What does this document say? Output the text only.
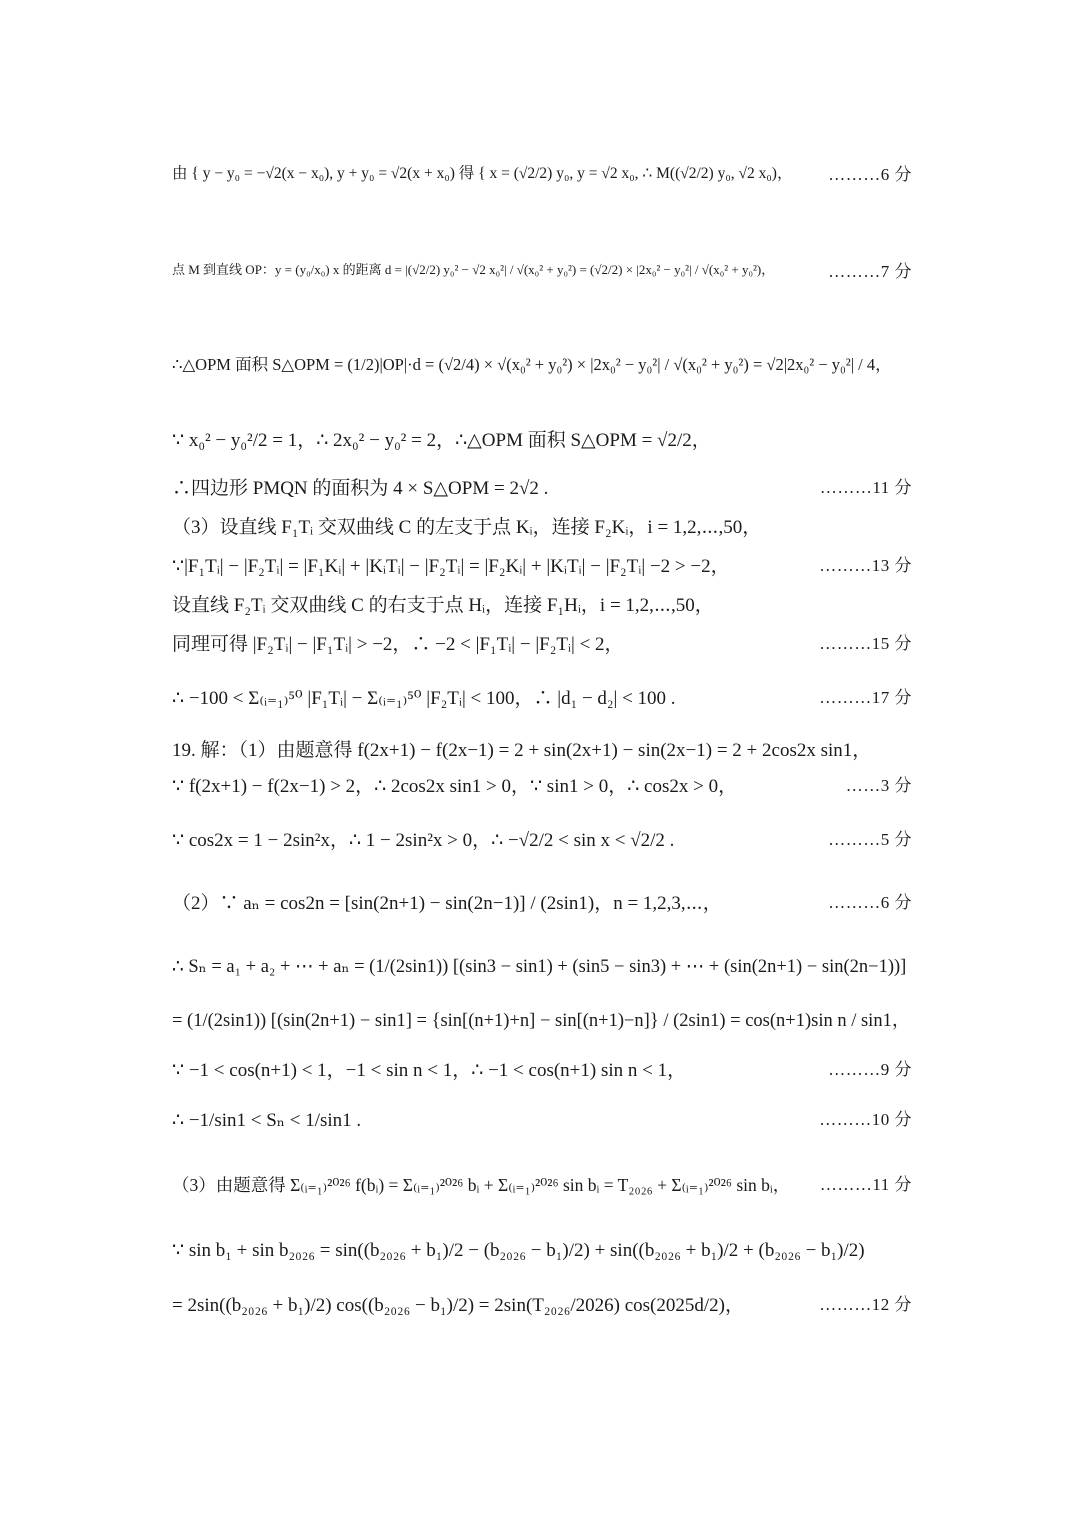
由 { y − y₀ = −√2(x − x₀), y + y₀ = √2(x + x₀) 得 { x = (√2/2) y₀, y = √2 x₀, ∴ M((√2/2) y₀, √2 x₀)， ………6 分
点 M 到直线 OP：y = (y₀/x₀) x 的距离 d = |(√2/2) y₀² − √2 x₀²| / √(x₀² + y₀²) = (√2/2) × |2x₀² − y₀²| / √(x₀² + y₀²)，	………7 分
∴△OPM 面积 S△OPM = (1/2)|OP|·d = (√2/4) × √(x₀² + y₀²) × |2x₀² − y₀²| / √(x₀² + y₀²) = √2|2x₀² − y₀²| / 4，
∵ x₀² − y₀²/2 = 1，∴ 2x₀² − y₀² = 2，∴△OPM 面积 S△OPM = √2/2，
∴四边形 PMQN 的面积为 4 × S△OPM = 2√2 .	………11 分
（3）设直线 F₁Tᵢ 交双曲线 C 的左支于点 Kᵢ，连接 F₂Kᵢ，i = 1,2,⋯,50，
∵|F₁Tᵢ| − |F₂Tᵢ| = |F₁Kᵢ| + |KᵢTᵢ| − |F₂Tᵢ| = |F₂Kᵢ| + |KᵢTᵢ| − |F₂Tᵢ| −2 > −2，	………13 分
设直线 F₂Tᵢ 交双曲线 C 的右支于点 Hᵢ，连接 F₁Hᵢ，i = 1,2,⋯,50，
同理可得 |F₂Tᵢ| − |F₁Tᵢ| > −2，∴ −2 < |F₁Tᵢ| − |F₂Tᵢ| < 2，	………15 分
∴ −100 < Σ₍ᵢ₌₁₎⁵⁰ |F₁Tᵢ| − Σ₍ᵢ₌₁₎⁵⁰ |F₂Tᵢ| < 100，∴ |d₁ − d₂| < 100 .	………17 分
19. 解：（1）由题意得 f(2x+1) − f(2x−1) = 2 + sin(2x+1) − sin(2x−1) = 2 + 2cos2x sin1，
∵ f(2x+1) − f(2x−1) > 2，∴ 2cos2x sin1 > 0，∵ sin1 > 0，∴ cos2x > 0，	……3 分
∵ cos2x = 1 − 2sin²x，∴ 1 − 2sin²x > 0，∴ −√2/2 < sin x < √2/2 .	………5 分
（2）∵ aₙ = cos2n = [sin(2n+1) − sin(2n−1)] / (2sin1)，n = 1,2,3,⋯，	………6 分
∴ Sₙ = a₁ + a₂ + ⋯ + aₙ = (1/(2sin1)) [(sin3 − sin1) + (sin5 − sin3) + ⋯ + (sin(2n+1) − sin(2n−1))]
= (1/(2sin1)) [(sin(2n+1) − sin1] = {sin[(n+1)+n] − sin[(n+1)−n]} / (2sin1) = cos(n+1)sin n / sin1，
∵ −1 < cos(n+1) < 1，−1 < sin n < 1，∴ −1 < cos(n+1) sin n < 1，	………9 分
∴ −1/sin1 < Sₙ < 1/sin1 .	………10 分
（3）由题意得 Σ₍ᵢ₌₁₎²⁰²⁶ f(bᵢ) = Σ₍ᵢ₌₁₎²⁰²⁶ bᵢ + Σ₍ᵢ₌₁₎²⁰²⁶ sin bᵢ = T₂₀₂₆ + Σ₍ᵢ₌₁₎²⁰²⁶ sin bᵢ， ………11 分
∵ sin b₁ + sin b₂₀₂₆ = sin((b₂₀₂₆ + b₁)/2 − (b₂₀₂₆ − b₁)/2) + sin((b₂₀₂₆ + b₁)/2 + (b₂₀₂₆ − b₁)/2)
= 2sin((b₂₀₂₆ + b₁)/2) cos((b₂₀₂₆ − b₁)/2) = 2sin(T₂₀₂₆/2026) cos(2025d/2)，	………12 分
